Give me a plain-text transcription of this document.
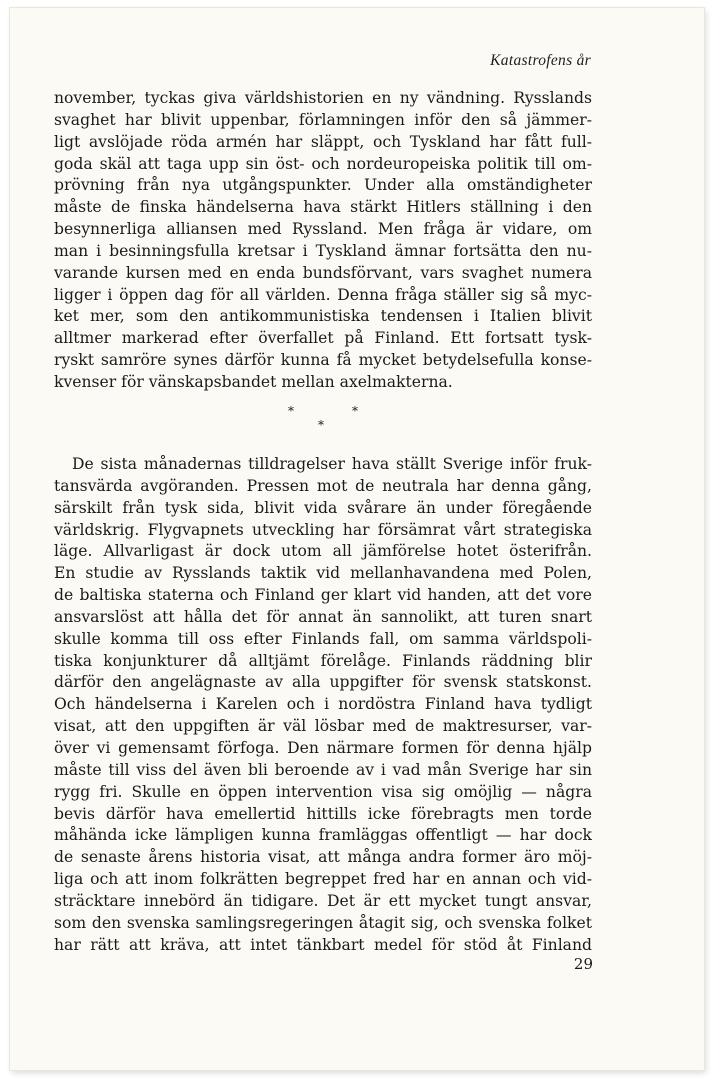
Katastrofens år
november, tyckas giva världshistorien en ny vändning. Rysslands
svaghet har blivit uppenbar, förlamningen inför den så jämmer-
ligt avslöjade röda armén har släppt, och Tyskland har fått full-
goda skäl att taga upp sin öst- och nordeuropeiska politik till om-
prövning från nya utgångspunkter. Under alla omständigheter
måste de finska händelserna hava stärkt Hitlers ställning i den
besynnerliga alliansen med Ryssland. Men fråga är vidare, om
man i besinningsfulla kretsar i Tyskland ämnar fortsätta den nu-
varande kursen med en enda bundsförvant, vars svaghet numera
ligger i öppen dag för all världen. Denna fråga ställer sig så myc-
ket mer, som den antikommunistiska tendensen i Italien blivit
alltmer markerad efter överfallet på Finland. Ett fortsatt tysk-
ryskt samröre synes därför kunna få mycket betydelsefulla konse-
kvenser för vänskapsbandet mellan axelmakterna.
*	*
*
De sista månadernas tilldragelser hava ställt Sverige inför fruk-
tansvärda avgöranden. Pressen mot de neutrala har denna gång,
särskilt från tysk sida, blivit vida svårare än under föregående
världskrig. Flygvapnets utveckling har försämrat vårt strategiska
läge. Allvarligast är dock utom all jämförelse hotet österifrån.
En studie av Rysslands taktik vid mellanhavandena med Polen,
de baltiska staterna och Finland ger klart vid handen, att det vore
ansvarslöst att hålla det för annat än sannolikt, att turen snart
skulle komma till oss efter Finlands fall, om samma världspoli-
tiska konjunkturer då alltjämt förelåge. Finlands räddning blir
därför den angelägnaste av alla uppgifter för svensk statskonst.
Och händelserna i Karelen och i nordöstra Finland hava tydligt
visat, att den uppgiften är väl lösbar med de maktresurser, var-
över vi gemensamt förfoga. Den närmare formen för denna hjälp
måste till viss del även bli beroende av i vad mån Sverige har sin
rygg fri. Skulle en öppen intervention visa sig omöjlig — några
bevis därför hava emellertid hittills icke förebragts men torde
måhända icke lämpligen kunna framläggas offentligt — har dock
de senaste årens historia visat, att många andra former äro möj-
liga och att inom folkrätten begreppet fred har en annan och vid-
sträcktare innebörd än tidigare. Det är ett mycket tungt ansvar,
som den svenska samlingsregeringen åtagit sig, och svenska folket
har rätt att kräva, att intet tänkbart medel för stöd åt Finland
29
